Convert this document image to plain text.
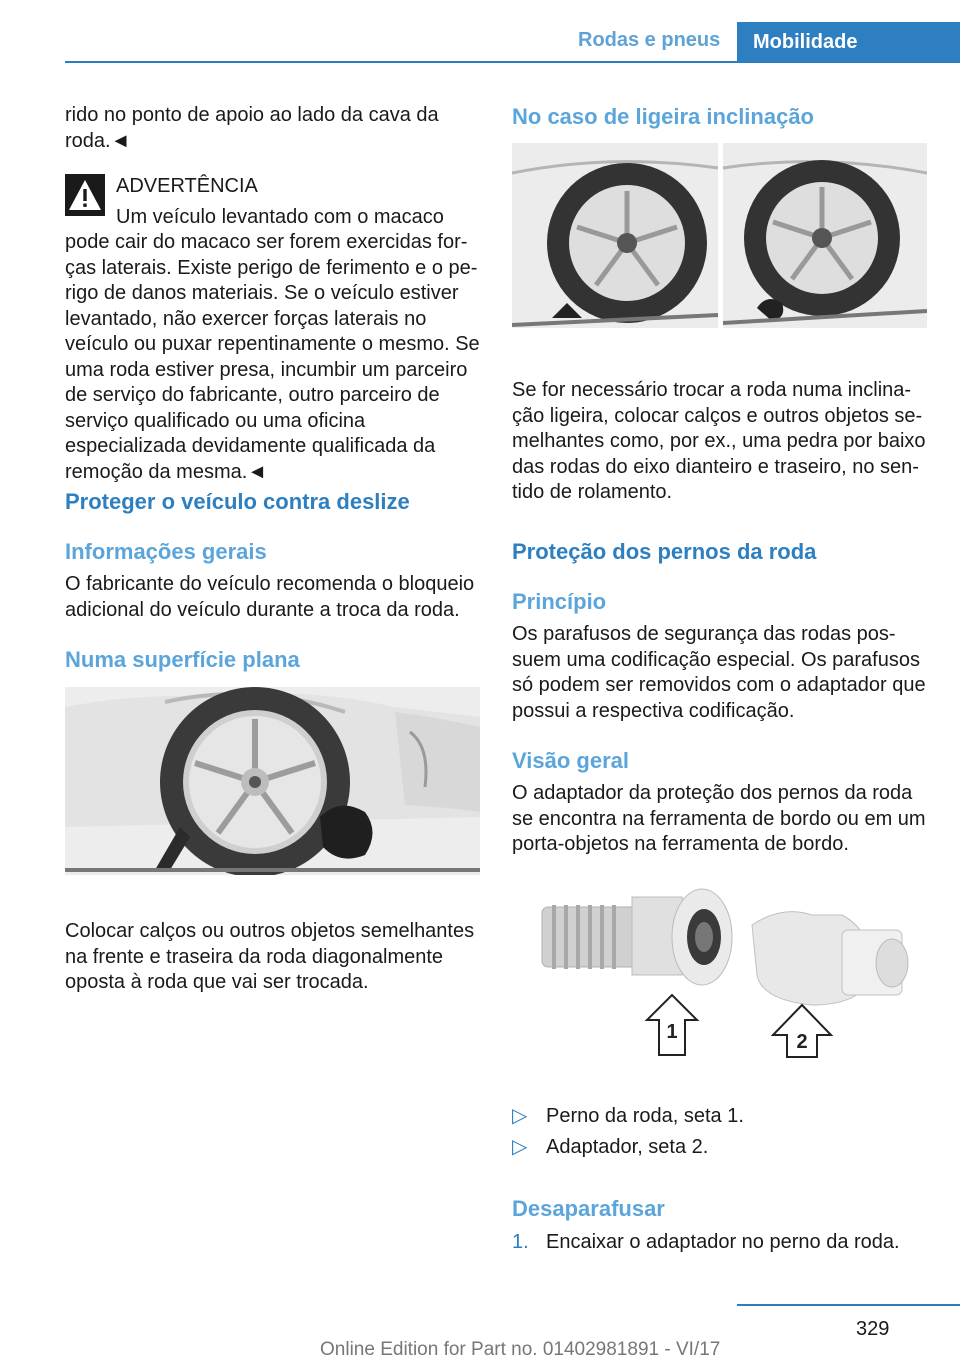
Rodas e pneus Mobilidade

rido no ponto de apoio ao lado da cava da roda.◄

ADVERTÊNCIA

Um veículo levantado com o macaco

pode cair do macaco ser forem exercidas forças laterais. Existe perigo de ferimento e o perigo de danos materiais. Se o veículo estiver levantado, não exercer forças laterais no veículo ou puxar repentinamente o mesmo. Se uma roda estiver presa, incumbir um parceiro de serviço do fabricante, outro parceiro de serviço qualificado ou uma oficina especializada devidamente qualificada da remoção da mesma.◄

Proteger o veículo contra deslize
Informações gerais

O fabricante do veículo recomenda o bloqueio adicional do veículo durante a troca da roda.

Numa superfície plana

Colocar calços ou outros objetos semelhantes na frente e traseira da roda diagonalmente oposta à roda que vai ser trocada.

No caso de ligeira inclinação

Se for necessário trocar a roda numa inclinação ligeira, colocar calços e outros objetos semelhantes como, por ex., uma pedra por baixo das rodas do eixo dianteiro e traseiro, no sentido de rolamento.

Proteção dos pernos da roda
Princípio

Os parafusos de segurança das rodas possuem uma codificação especial. Os parafusos só podem ser removidos com o adaptador que possui a respectiva codificação.

Visão geral

O adaptador da proteção dos pernos da roda se encontra na ferramenta de bordo ou em um porta-objetos na ferramenta de bordo.

1	2
▷ Perno da roda, seta 1.
▷ Adaptador, seta 2.
Desaparafusar
1. Encaixar o adaptador no perno da roda.
329
Online Edition for Part no. 01402981891 - VI/17
